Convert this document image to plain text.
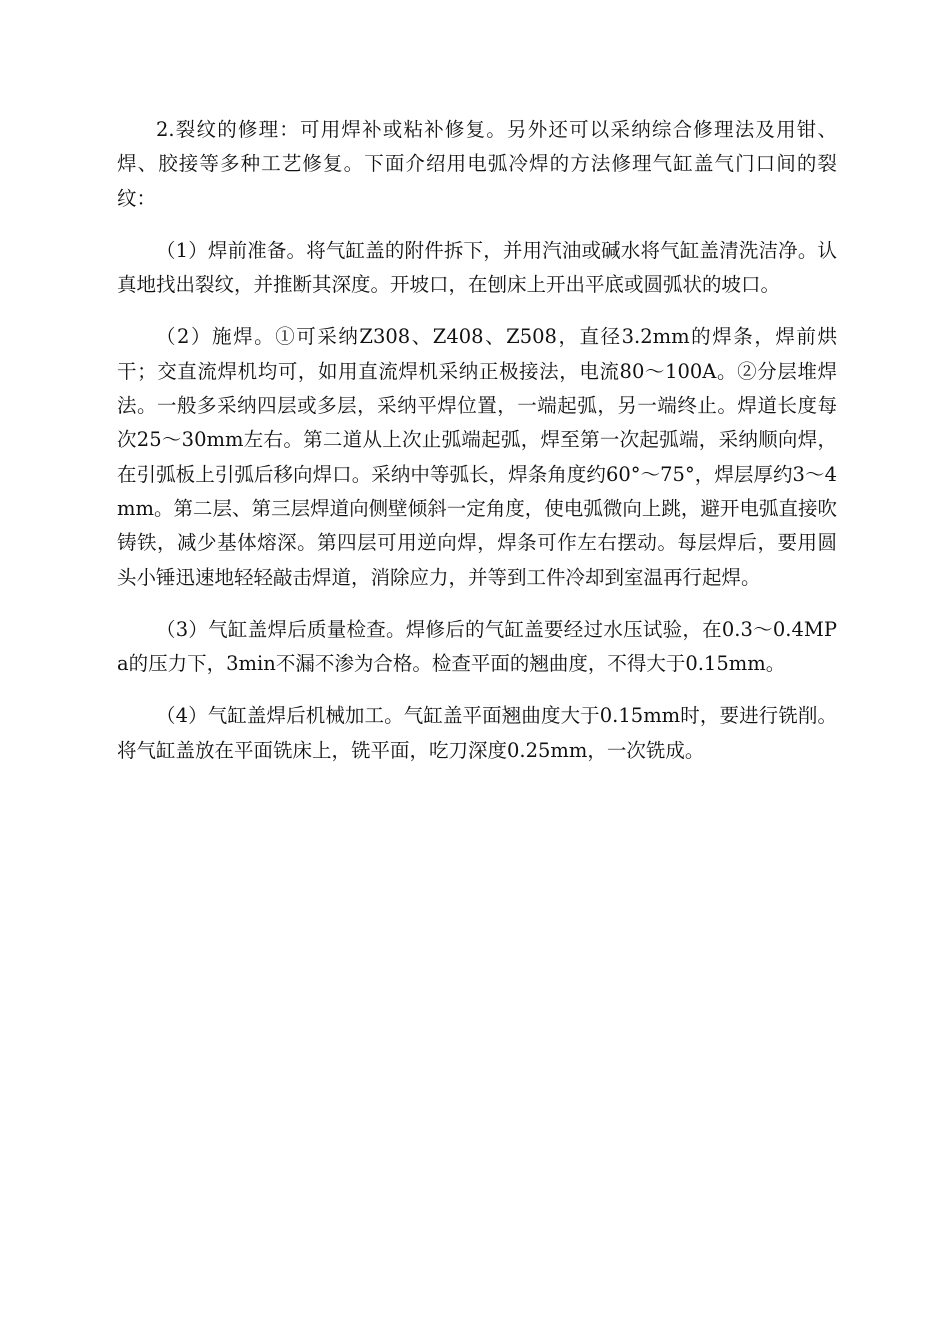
2.裂纹的修理：可用焊补或粘补修复。另外还可以采纳综合修理法及用钳、焊、胶接等多种工艺修复。下面介绍用电弧冷焊的方法修理气缸盖气门口间的裂纹：

（1）焊前准备。将气缸盖的附件拆下，并用汽油或碱水将气缸盖清洗洁净。认真地找出裂纹，并推断其深度。开坡口，在刨床上开出平底或圆弧状的坡口。

（2）施焊。①可采纳Z308、Z408、Z508，直径3.2mm的焊条，焊前烘干；交直流焊机均可，如用直流焊机采纳正极接法，电流80～100A。②分层堆焊法。一般多采纳四层或多层，采纳平焊位置，一端起弧，另一端终止。焊道长度每次25～30mm左右。第二道从上次止弧端起弧，焊至第一次起弧端，采纳顺向焊，在引弧板上引弧后移向焊口。采纳中等弧长，焊条角度约60°～75°，焊层厚约3～4mm。第二层、第三层焊道向侧壁倾斜一定角度，使电弧微向上跳，避开电弧直接吹铸铁，减少基体熔深。第四层可用逆向焊，焊条可作左右摆动。每层焊后，要用圆头小锤迅速地轻轻敲击焊道，消除应力，并等到工件冷却到室温再行起焊。

（3）气缸盖焊后质量检查。焊修后的气缸盖要经过水压试验，在0.3～0.4MPa的压力下，3min不漏不渗为合格。检查平面的翘曲度，不得大于0.15mm。

（4）气缸盖焊后机械加工。气缸盖平面翘曲度大于0.15mm时，要进行铣削。将气缸盖放在平面铣床上，铣平面，吃刀深度0.25mm，一次铣成。
